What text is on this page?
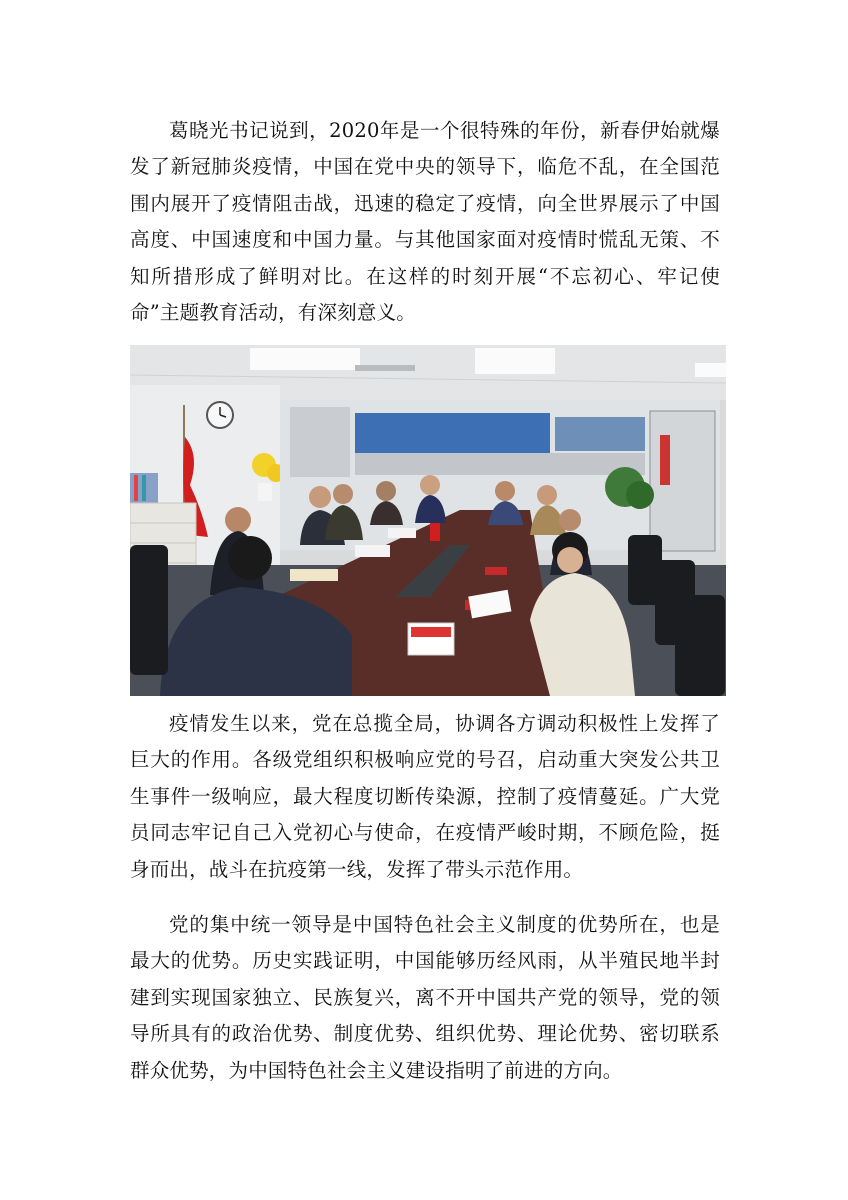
葛晓光书记说到，2020年是一个很特殊的年份，新春伊始就爆发了新冠肺炎疫情，中国在党中央的领导下，临危不乱，在全国范围内展开了疫情阻击战，迅速的稳定了疫情，向全世界展示了中国高度、中国速度和中国力量。与其他国家面对疫情时慌乱无策、不知所措形成了鲜明对比。在这样的时刻开展“不忘初心、牢记使命”主题教育活动，有深刻意义。

疫情发生以来，党在总揽全局，协调各方调动积极性上发挥了巨大的作用。各级党组织积极响应党的号召，启动重大突发公共卫生事件一级响应，最大程度切断传染源，控制了疫情蔓延。广大党员同志牢记自己入党初心与使命，在疫情严峻时期，不顾危险，挺身而出，战斗在抗疫第一线，发挥了带头示范作用。

党的集中统一领导是中国特色社会主义制度的优势所在，也是最大的优势。历史实践证明，中国能够历经风雨，从半殖民地半封建到实现国家独立、民族复兴，离不开中国共产党的领导，党的领导所具有的政治优势、制度优势、组织优势、理论优势、密切联系群众优势，为中国特色社会主义建设指明了前进的方向。
